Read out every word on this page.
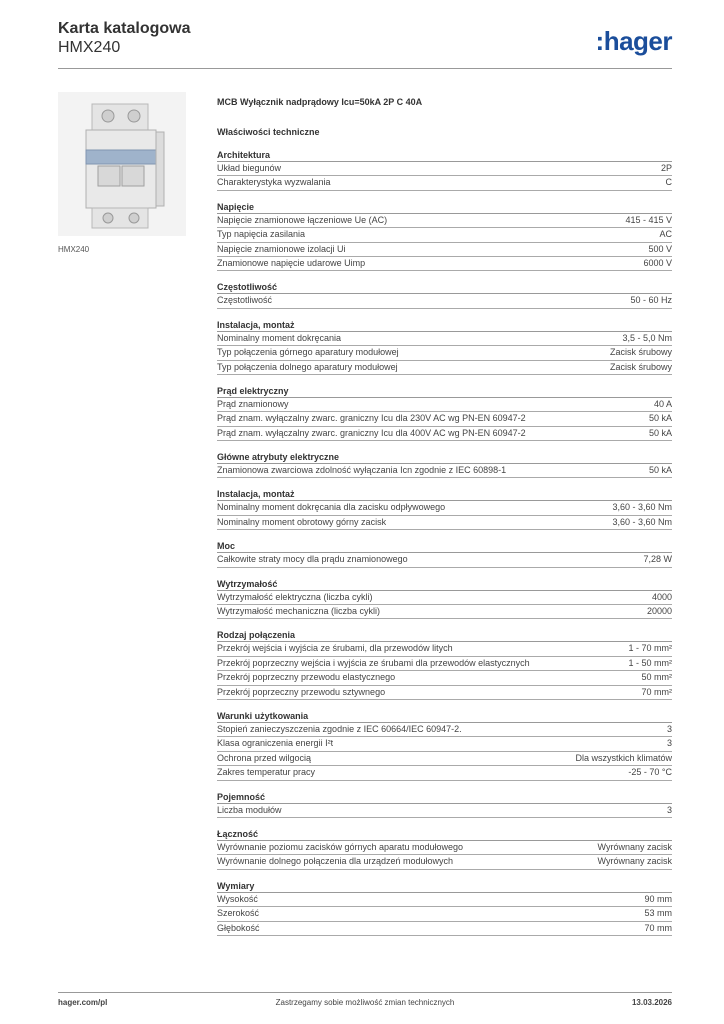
Karta katalogowa
HMX240	:hager
HMX240
MCB Wyłącznik nadprądowy Icu=50kA 2P C 40A
Właściwości techniczne
Architektura
Układ biegunów	2P
Charakterystyka wyzwalania	C
Napięcie
Napięcie znamionowe łączeniowe Ue (AC)	415 - 415 V
Typ napięcia zasilania	AC
Napięcie znamionowe izolacji Ui	500 V
Znamionowe napięcie udarowe Uimp	6000 V
Częstotliwość
Częstotliwość	50 - 60 Hz
Instalacja, montaż
Nominalny moment dokręcania	3,5 - 5,0 Nm
Typ połączenia górnego aparatury modułowej	Zacisk śrubowy
Typ połączenia dolnego aparatury modułowej	Zacisk śrubowy
Prąd elektryczny
Prąd znamionowy	40 A
Prąd znam. wyłączalny zwarc. graniczny Icu dla 230V AC wg PN-EN 60947-2	50 kA
Prąd znam. wyłączalny zwarc. graniczny Icu dla 400V AC wg PN-EN 60947-2	50 kA
Główne atrybuty elektryczne
Znamionowa zwarciowa zdolność wyłączania Icn zgodnie z IEC 60898-1	50 kA
Instalacja, montaż
Nominalny moment dokręcania dla zacisku odpływowego	3,60 - 3,60 Nm
Nominalny moment obrotowy górny zacisk	3,60 - 3,60 Nm
Moc
Całkowite straty mocy dla prądu znamionowego	7,28 W
Wytrzymałość
Wytrzymałość elektryczna (liczba cykli)	4000
Wytrzymałość mechaniczna (liczba cykli)	20000
Rodzaj połączenia
Przekrój wejścia i wyjścia ze śrubami, dla przewodów litych	1 - 70 mm²
Przekrój poprzeczny wejścia i wyjścia ze śrubami dla przewodów elastycznych	1 - 50 mm²
Przekrój poprzeczny przewodu elastycznego	50 mm²
Przekrój poprzeczny przewodu sztywnego	70 mm²
Warunki użytkowania
Stopień zanieczyszczenia zgodnie z IEC 60664/IEC 60947-2.	3
Klasa ograniczenia energii I²t	3
Ochrona przed wilgocią	Dla wszystkich klimatów
Zakres temperatur pracy	-25 - 70 °C
Pojemność
Liczba modułów	3
Łączność
Wyrównanie poziomu zacisków górnych aparatu modułowego	Wyrównany zacisk
Wyrównanie dolnego połączenia dla urządzeń modułowych	Wyrównany zacisk
Wymiary
Wysokość	90 mm
Szerokość	53 mm
Głębokość	70 mm
hager.com/pl	Zastrzegamy sobie możliwość zmian technicznych	13.03.2026
